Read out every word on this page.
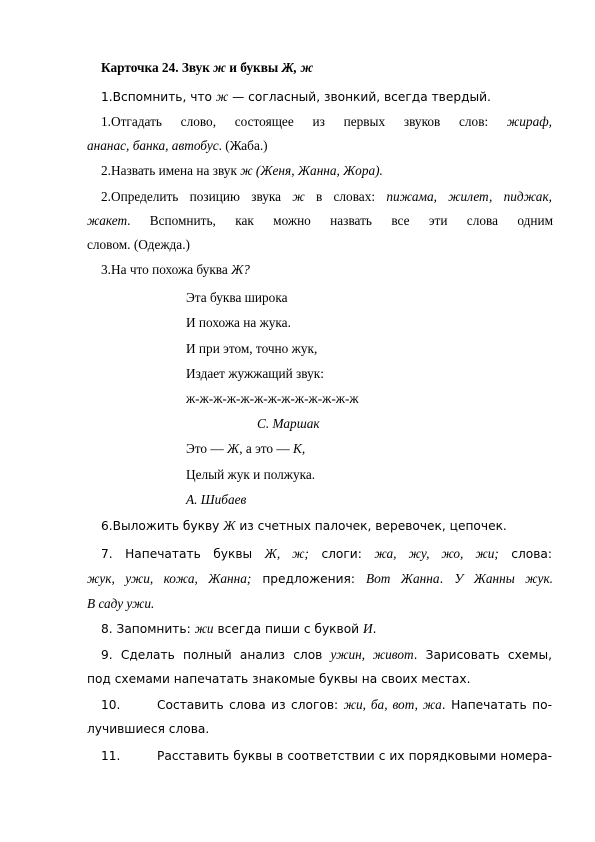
Карточка 24. Звук ж и буквы Ж, ж
1.Вспомнить, что ж — согласный, звонкий, всегда твердый.
1.Отгадать слово, состоящее из первых звуков слов: жираф,
ананас, банка, автобус. (Жаба.)
2.Назвать имена на звук ж (Женя, Жанна, Жора).
2.Определить позицию звука ж в словах: пижама, жилет, пиджак,
жакет. Вспомнить, как можно назвать все эти слова одним
словом. (Одежда.)
3.На что похожа буква Ж?
Эта буква широка
И похожа на жука.
И при этом, точно жук,
Издает жужжащий звук:
ж-ж-ж-ж-ж-ж-ж-ж-ж-ж-ж-ж-ж
С. Маршак
Это — Ж, а это — К,
Целый жук и полжука.
А. Шибаев
6.Выложить букву Ж из счетных палочек, веревочек, цепочек.
7. Напечатать буквы Ж, ж; слоги: жа, жу, жо, жи; слова:
жук, ужи, кожа, Жанна; предложения: Вот Жанна. У Жанны жук.
В саду ужи.
8. Запомнить: жи всегда пиши с буквой И.
9. Сделать полный анализ слов ужин, живот. Зарисовать схемы,
под схемами напечатать знакомые буквы на своих местах.
10.	Составить слова из слогов: жи, ба, вот, жа. Напечатать по-
лучившиеся слова.
11.	Расставить буквы в соответствии с их порядковыми номера-
